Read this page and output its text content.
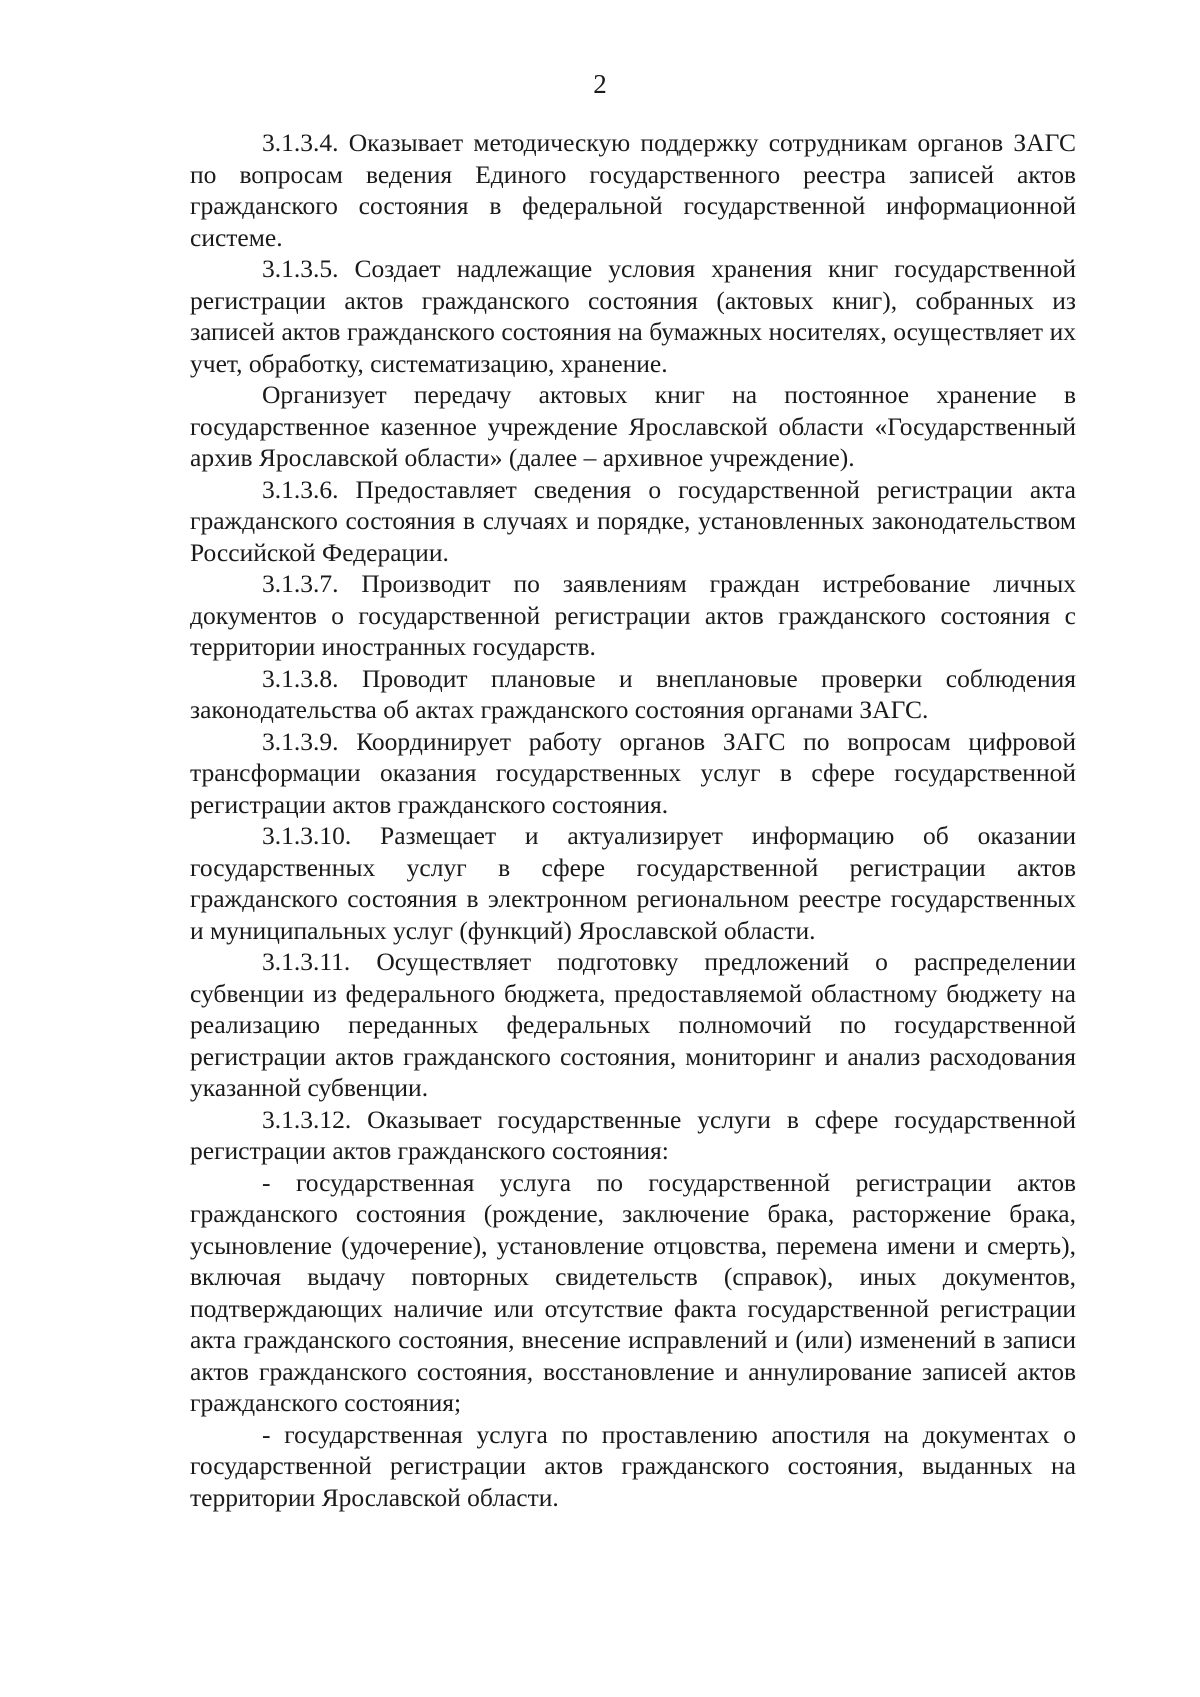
2

3.1.3.4. Оказывает методическую поддержку сотрудникам органов ЗАГС по вопросам ведения Единого государственного реестра записей актов гражданского состояния в федеральной государственной информационной системе.

3.1.3.5. Создает надлежащие условия хранения книг государственной регистрации актов гражданского состояния (актовых книг), собранных из записей актов гражданского состояния на бумажных носителях, осуществляет их учет, обработку, систематизацию, хранение.

Организует передачу актовых книг на постоянное хранение в государственное казенное учреждение Ярославской области «Государственный архив Ярославской области» (далее – архивное учреждение).

3.1.3.6. Предоставляет сведения о государственной регистрации акта гражданского состояния в случаях и порядке, установленных законодательством Российской Федерации.

3.1.3.7. Производит по заявлениям граждан истребование личных документов о государственной регистрации актов гражданского состояния с территории иностранных государств.

3.1.3.8. Проводит плановые и внеплановые проверки соблюдения законодательства об актах гражданского состояния органами ЗАГС.

3.1.3.9. Координирует работу органов ЗАГС по вопросам цифровой трансформации оказания государственных услуг в сфере государственной регистрации актов гражданского состояния.

3.1.3.10. Размещает и актуализирует информацию об оказании государственных услуг в сфере государственной регистрации актов гражданского состояния в электронном региональном реестре государственных и муниципальных услуг (функций) Ярославской области.

3.1.3.11. Осуществляет подготовку предложений о распределении субвенции из федерального бюджета, предоставляемой областному бюджету на реализацию переданных федеральных полномочий по государственной регистрации актов гражданского состояния, мониторинг и анализ расходования указанной субвенции.

3.1.3.12. Оказывает государственные услуги в сфере государственной регистрации актов гражданского состояния:

- государственная услуга по государственной регистрации актов гражданского состояния (рождение, заключение брака, расторжение брака, усыновление (удочерение), установление отцовства, перемена имени и смерть), включая выдачу повторных свидетельств (справок), иных документов, подтверждающих наличие или отсутствие факта государственной регистрации акта гражданского состояния, внесение исправлений и (или) изменений в записи актов гражданского состояния, восстановление и аннулирование записей актов гражданского состояния;

- государственная услуга по проставлению апостиля на документах о государственной регистрации актов гражданского состояния, выданных на территории Ярославской области.
